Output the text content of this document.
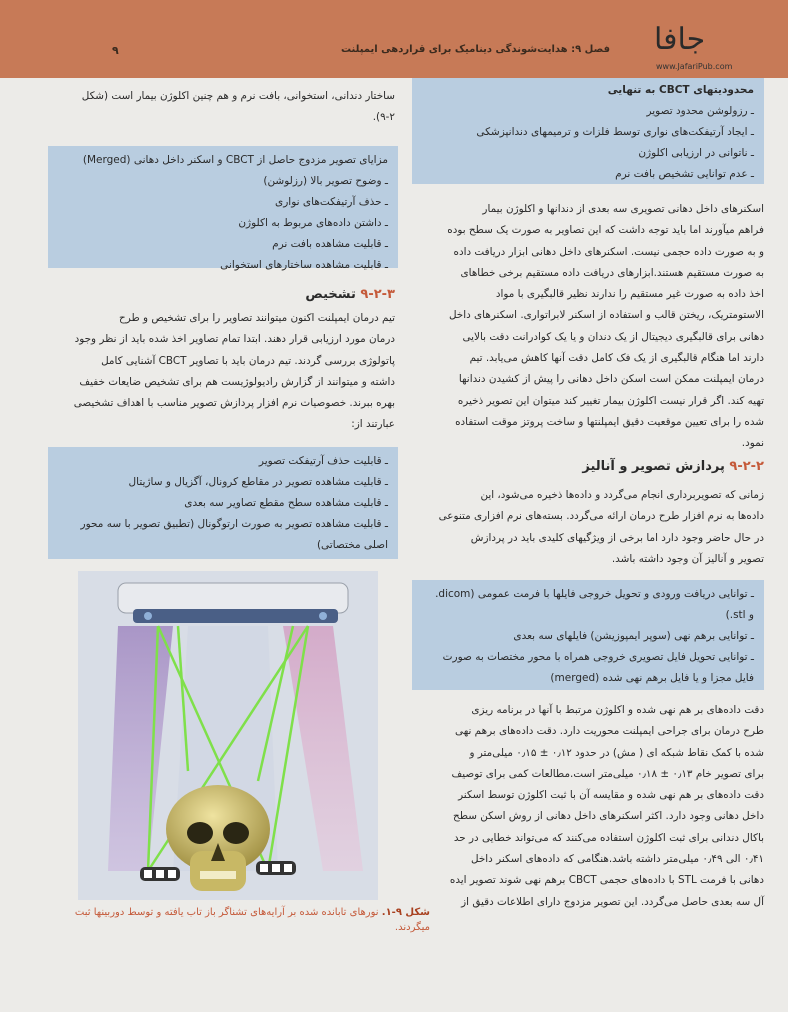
۹	فصل ۹: هدایت‌شوندگی دینامیک برای قراردهی ایمپلنت جافا
www.JafariPub.com
محدودیتهای CBCT به تنهایی
ـ رزولوشن محدود تصویر
ـ ایجاد آرتیفکت‌های نواری توسط فلزات و ترمیمهای دندانپزشکی
ـ ناتوانی در ارزیابی اکلوژن
ـ عدم توانایی تشخیص بافت نرم
اسکنرهای داخل دهانی تصویری سه بعدی از دندانها و اکلوژن بیمار
فراهم میآورند اما باید توجه داشت که این تصاویر به صورت یک سطح بوده
و به صورت داده حجمی نیست. اسکنرهای داخل دهانی ابزار دریافت داده
به صورت مستقیم هستند.ابزارهای دریافت داده مستقیم برخی خطاهای
اخذ داده به صورت غیر مستقیم را ندارند نظیر قالبگیری با مواد
الاستومتریک، ریختن قالب و استفاده از اسکنر لابراتواری. اسکنرهای داخل
دهانی برای قالبگیری دیجیتال از یک دندان و یا یک کوادرانت دقت بالایی
دارند اما هنگام قالبگیری از یک فک کامل دقت آنها کاهش می‌یابد. تیم
درمان ایمپلنت ممکن است اسکن داخل دهانی را پیش از کشیدن دندانها
تهیه کند. اگر قرار نیست اکلوژن بیمار تغییر کند میتوان این تصویر ذخیره
شده را برای تعیین موقعیت دقیق ایمپلنتها و ساخت پروتز موقت استفاده
نمود.
۹-۲-۲ پردازش تصویر و آنالیز
زمانی که تصویربرداری انجام می‌گردد و داده‌ها ذخیره می‌شود، این
داده‌ها به نرم افزار طرح درمان ارائه می‌گردد. بسته‌های نرم افزاری متنوعی
در حال حاضر وجود دارد اما برخی از ویژگیهای کلیدی باید در پردازش
تصویر و آنالیز آن وجود داشته باشد.
ـ توانایی دریافت ورودی و تحویل خروجی فایلها با فرمت عمومی (dicom.
و stl.)
ـ توانایی برهم نهی (سوپر ایمپوزیشن) فایلهای سه بعدی
ـ توانایی تحویل فایل تصویری خروجی همراه با محور مختصات به صورت
فایل مجزا و یا فایل برهم نهی شده (merged)
دقت داده‌های بر هم نهی شده و اکلوژن مرتبط با آنها در برنامه ریزی
طرح درمان برای جراحی ایمپلنت محوریت دارد. دقت داده‌های برهم نهی
شده با کمک نقاط شبکه ای ( مش) در حدود ۰٫۱۲ ± ۰٫۱۵ میلی‌متر و
برای تصویر خام ۰٫۱۳ ± ۰٫۱۸ میلی‌متر است.مطالعات کمی برای توصیف
دقت داده‌های بر هم نهی شده و مقایسه آن با ثبت اکلوژن توسط اسکنر
داخل دهانی وجود دارد. اکثر اسکنرهای داخل دهانی از روش اسکن سطح
باکال دندانی برای ثبت اکلوژن استفاده می‌کنند که می‌تواند خطایی در حد
۰٫۴۱ الی ۰٫۴۹ میلی‌متر داشته باشد.هنگامی که داده‌های اسکنر داخل
دهانی با فرمت STL با داده‌های حجمی CBCT برهم نهی شوند تصویر ایده
آل سه بعدی حاصل می‌گردد. این تصویر مزدوج دارای اطلاعات دقیق از
ساختار دندانی، استخوانی، بافت نرم و هم چنین اکلوژن بیمار است (شکل
۹-۲).
مزایای تصویر مزدوج حاصل از CBCT و اسکنر داخل دهانی (Merged)
ـ وضوح تصویر بالا (رزلوشن)
ـ حذف آرتیفکت‌های نواری
ـ داشتن داده‌های مربوط به اکلوژن
ـ قابلیت مشاهده بافت نرم
ـ قابلیت مشاهده ساختارهای استخوانی
۹-۲-۳ تشخیص
تیم درمان ایمپلنت اکنون میتوانند تصاویر را برای تشخیص و طرح
درمان مورد ارزیابی قرار دهند. ابتدا تمام تصاویر اخذ شده باید از نظر وجود
پاتولوژی بررسی گردند. تیم درمان باید با تصاویر CBCT آشنایی کامل
داشته و میتوانند از گزارش رادیولوژیست هم برای تشخیص ضایعات خفیف
بهره ببرند. خصوصیات نرم افزار پردازش تصویر مناسب با اهداف تشخیصی
عبارتند از:
ـ قابلیت حذف آرتیفکت تصویر
ـ قابلیت مشاهده تصویر در مقاطع کرونال، آگزیال و ساژیتال
ـ قابلیت مشاهده سطح مقطع تصاویر سه بعدی
ـ قابلیت مشاهده تصویر به صورت ارتوگونال (تطبیق تصویر با سه محور
اصلی مختصاتی)
شکل ۹-۱. نورهای تابانده شده بر آرایه‌های تشناگر باز تاب یافته و توسط دوربینها ثبت میگردند.
